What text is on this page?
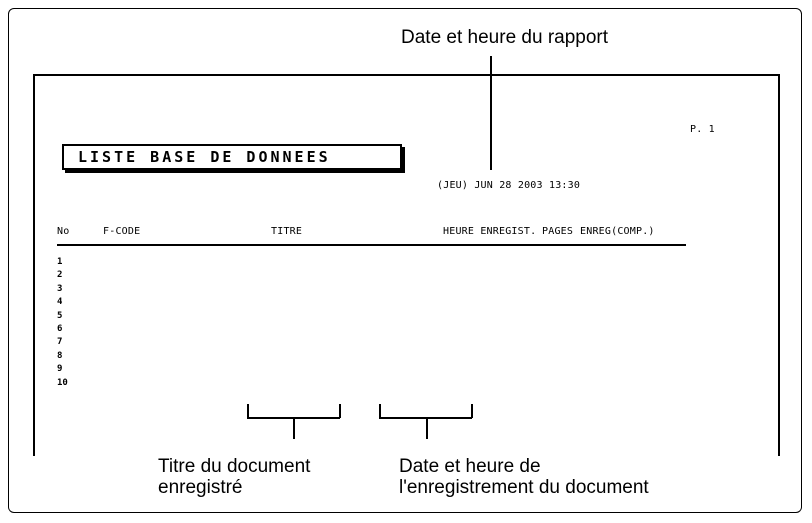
Date et heure du rapport
P. 1
LISTE BASE DE DONNEES
(JEU) JUN 28 2003 13:30
No	F-CODE	TITRE	HEURE ENREGIST. PAGES ENREG(COMP.)
1
2
3
4
5
6
7
8
9
10
Titre du document
enregistré
Date et heure de
l'enregistrement du document
